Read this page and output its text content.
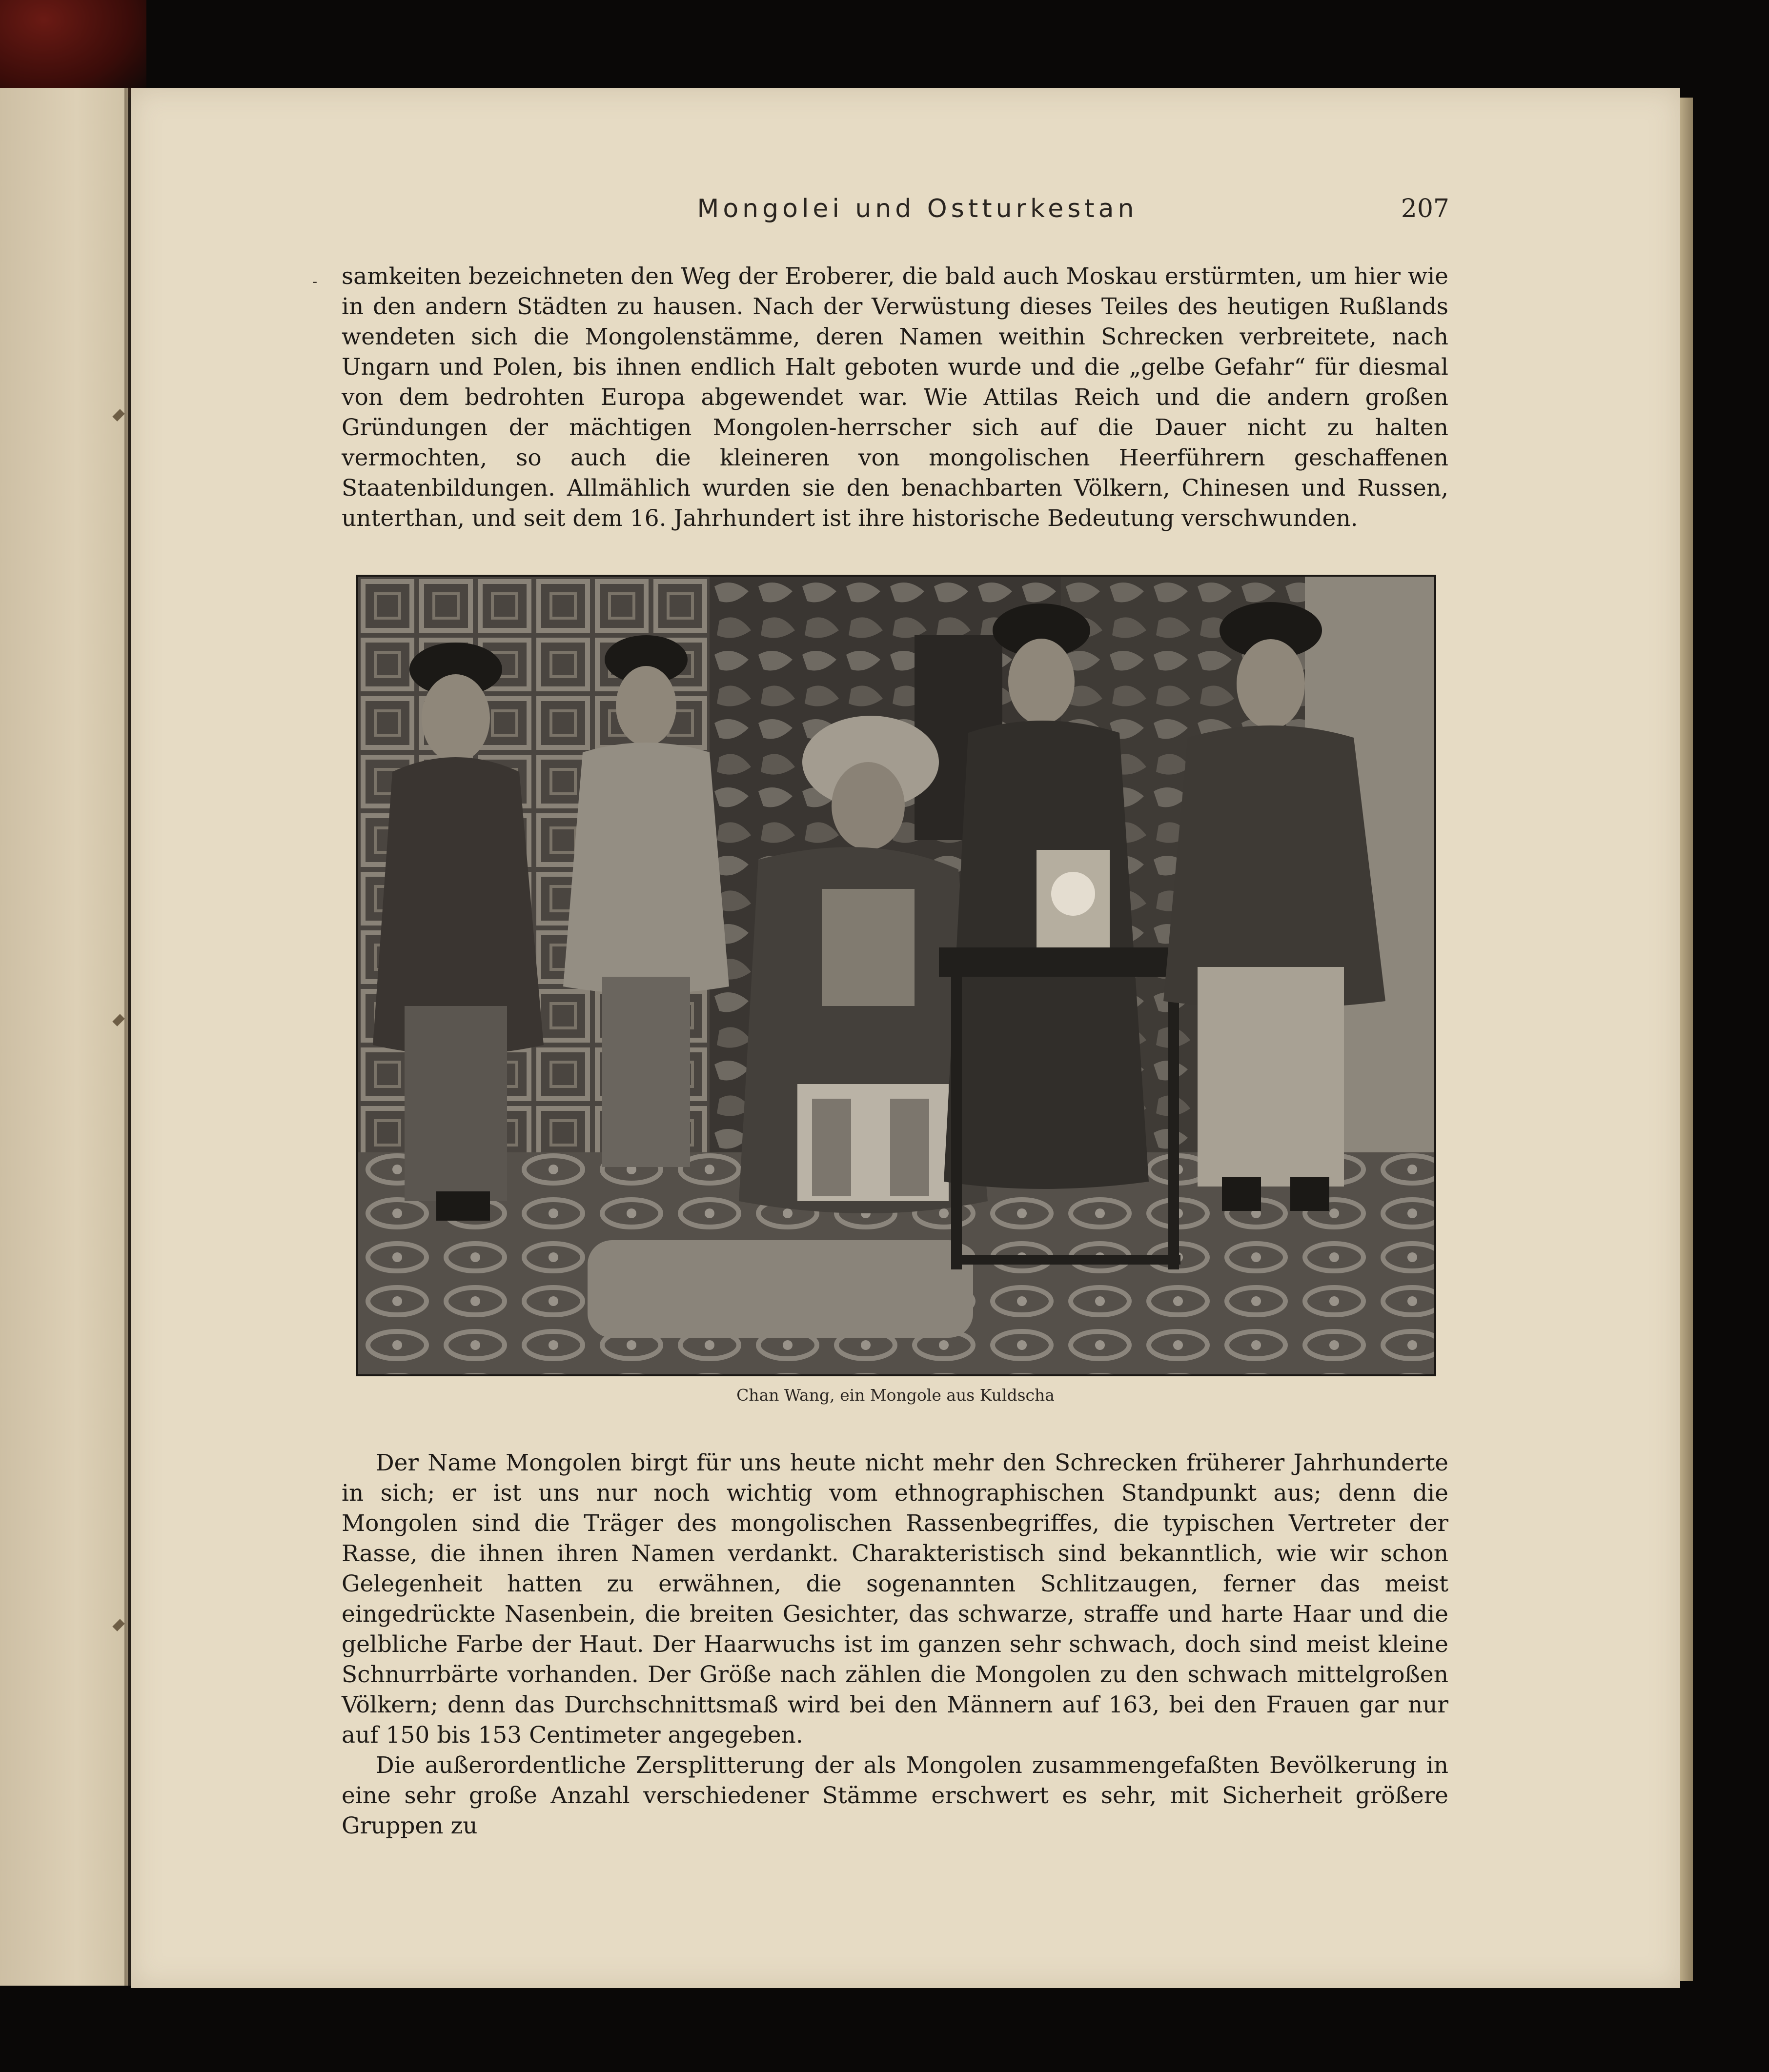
Mongolei und Ostturkestan	207
‐ samkeiten bezeichneten den Weg der Eroberer, die bald auch Moskau erstürmten, um hier wie in den andern Städten zu hausen. Nach der Verwüstung dieses Teiles des heutigen Rußlands wendeten sich die Mongolenstämme, deren Namen weithin Schrecken verbreitete, nach Ungarn und Polen, bis ihnen endlich Halt geboten wurde und die „gelbe Gefahr“ für diesmal von dem bedrohten Europa abgewendet war. Wie Attilas Reich und die andern großen Gründungen der mächtigen Mongolen-herrscher sich auf die Dauer nicht zu halten vermochten, so auch die kleineren von mongolischen Heerführern geschaffenen Staatenbildungen. Allmählich wurden sie den benachbarten Völkern, Chinesen und Russen, unterthan, und seit dem 16. Jahrhundert ist ihre historische Bedeutung verschwunden.

Chan Wang, ein Mongole aus Kuldscha

Der Name Mongolen birgt für uns heute nicht mehr den Schrecken früherer Jahrhunderte in sich; er ist uns nur noch wichtig vom ethnographischen Standpunkt aus; denn die Mongolen sind die Träger des mongolischen Rassenbegriffes, die typischen Vertreter der Rasse, die ihnen ihren Namen verdankt. Charakteristisch sind bekanntlich, wie wir schon Gelegenheit hatten zu erwähnen, die sogenannten Schlitzaugen, ferner das meist eingedrückte Nasenbein, die breiten Gesichter, das schwarze, straffe und harte Haar und die gelbliche Farbe der Haut. Der Haarwuchs ist im ganzen sehr schwach, doch sind meist kleine Schnurrbärte vorhanden. Der Größe nach zählen die Mongolen zu den schwach mittelgroßen Völkern; denn das Durchschnittsmaß wird bei den Männern auf 163, bei den Frauen gar nur auf 150 bis 153 Centimeter angegeben.

Die außerordentliche Zersplitterung der als Mongolen zusammengefaßten Bevölkerung in eine sehr große Anzahl verschiedener Stämme erschwert es sehr, mit Sicherheit größere Gruppen zu
